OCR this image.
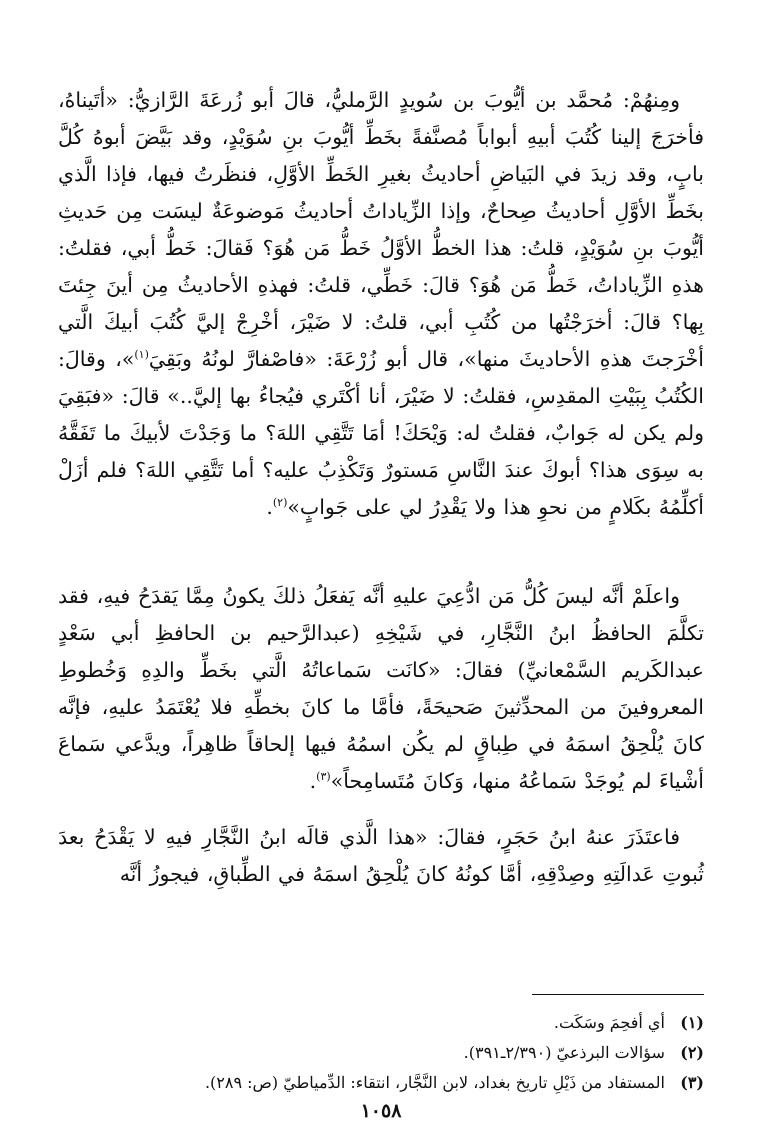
ومِنهُمْ: مُحمَّد بن أيُّوبَ بن سُويدٍ الرَّمليُّ، قالَ أبو زُرعَةَ الرَّازيُّ: «أتَيناهُ، فأخرَجَ إلينا كُتُبَ أبيهِ أبواباً مُصنَّفةً بخَطِّ أيُّوبَ بنِ سُوَيْدٍ، وقد بَيَّضَ أبوهُ كُلَّ بابٍ، وقد زيدَ في البَياضِ أحاديثُ بغيرِ الخَطِّ الأوَّلِ، فنظَرتُ فيها، فإذا الَّذي بخَطِّ الأوَّلِ أحاديثُ صِحاحٌ، وإذا الزِّياداتُ أحاديثُ مَوضوعَةٌ ليسَت مِن حَديثِ أيُّوبَ بنِ سُوَيْدٍ، قلتُ: هذا الخطُّ الأوَّلُ خَطُّ مَن هُوَ؟ فَقالَ: خَطُّ أبي، فقلتُ: هذهِ الزِّياداتُ، خَطُّ مَن هُوَ؟ قالَ: خَطِّي، قلتُ: فهذهِ الأحاديثُ مِن أينَ جِئتَ بِها؟ قالَ: أخرَجْتُها من كُتُبِ أبي، قلتُ: لا ضَيْرَ، أخْرِجْ إليَّ كُتُبَ أبيكَ الَّتي أخْرَجتَ هذهِ الأحاديثَ منها»، قال أبو زُرْعَةَ: «فاصْفارَّ لونُهُ وبَقِيَ$^{(١)}$»، وقالَ: الكُتُبُ بِبَيْتِ المقدِسِ، فقلتُ: لا ضَيْرَ، أنا أكْتَري فيُجاءُ بها إليَّ..» قالَ: «فبَقِيَ ولم يكن له جَوابٌ، فقلتُ له: وَيْحَكَ! أمَا تَتَّقِي اللهَ؟ ما وَجَدْتَ لأبيكَ ما تَفَقَّهُ به سِوَى هذا؟ أبوكَ عندَ النَّاسِ مَستورٌ وَتَكْذِبُ عليه؟ أما تَتَّقِي اللهَ؟ فلم أزَلْ أكلِّمُهُ بكَلامٍ من نحوِ هذا ولا يَقْدِرُ لي على جَوابٍ»$^{(٢)}$.

واعلَمْ أنَّه ليسَ كُلُّ مَن ادُّعِيَ عليهِ أنَّه يَفعَلُ ذلكَ يكونُ مِمَّا يَقدَحُ فيهِ، فقد تكلَّمَ الحافظُ ابنُ النَّجَّارِ، في شَيْخِهِ (عبدالرَّحيم بن الحافظِ أبي سَعْدٍ عبدالكَريم السَّمْعانيِّ) فقالَ: «كانَت سَماعاتُهُ الَّتي بخَطِّ والدِهِ وَخُطوطِ المعروفينَ من المحدِّثينَ صَحيحَةً، فأمَّا ما كانَ بخطِّهِ فلا يُعْتَمَدُ عليهِ، فإنَّه كانَ يُلْحِقُ اسمَهُ في طِباقٍ لم يكُن اسمُهُ فيها إلحاقاً ظاهِراً، ويدَّعي سَماعَ أشْياءَ لم يُوجَدْ سَماعُهُ منها، وَكانَ مُتَسامِحاً»$^{(٣)}$.

فاعتَذَرَ عنهُ ابنُ حَجَرٍ، فقالَ: «هذا الَّذي قالَه ابنُ النَّجَّارِ فيهِ لا يَقْدَحُ بعدَ ثُبوتِ عَدالَتِهِ وصِدْقِهِ، أمَّا كونُهُ كانَ يُلْحِقُ اسمَهُ في الطِّباقِ، فيجوزُ أنَّه

(١) أي أفحِمَ وسَكَت.
(٢) سؤالات البرذعيّ (٢/٣٩٠ـ٣٩١).
(٣) المستفاد من ذَيْلِ تاريخ بغداد، لابن النَّجَّار، انتقاء: الدِّمياطيّ (ص: ٢٨٩).
١٠٥٨
